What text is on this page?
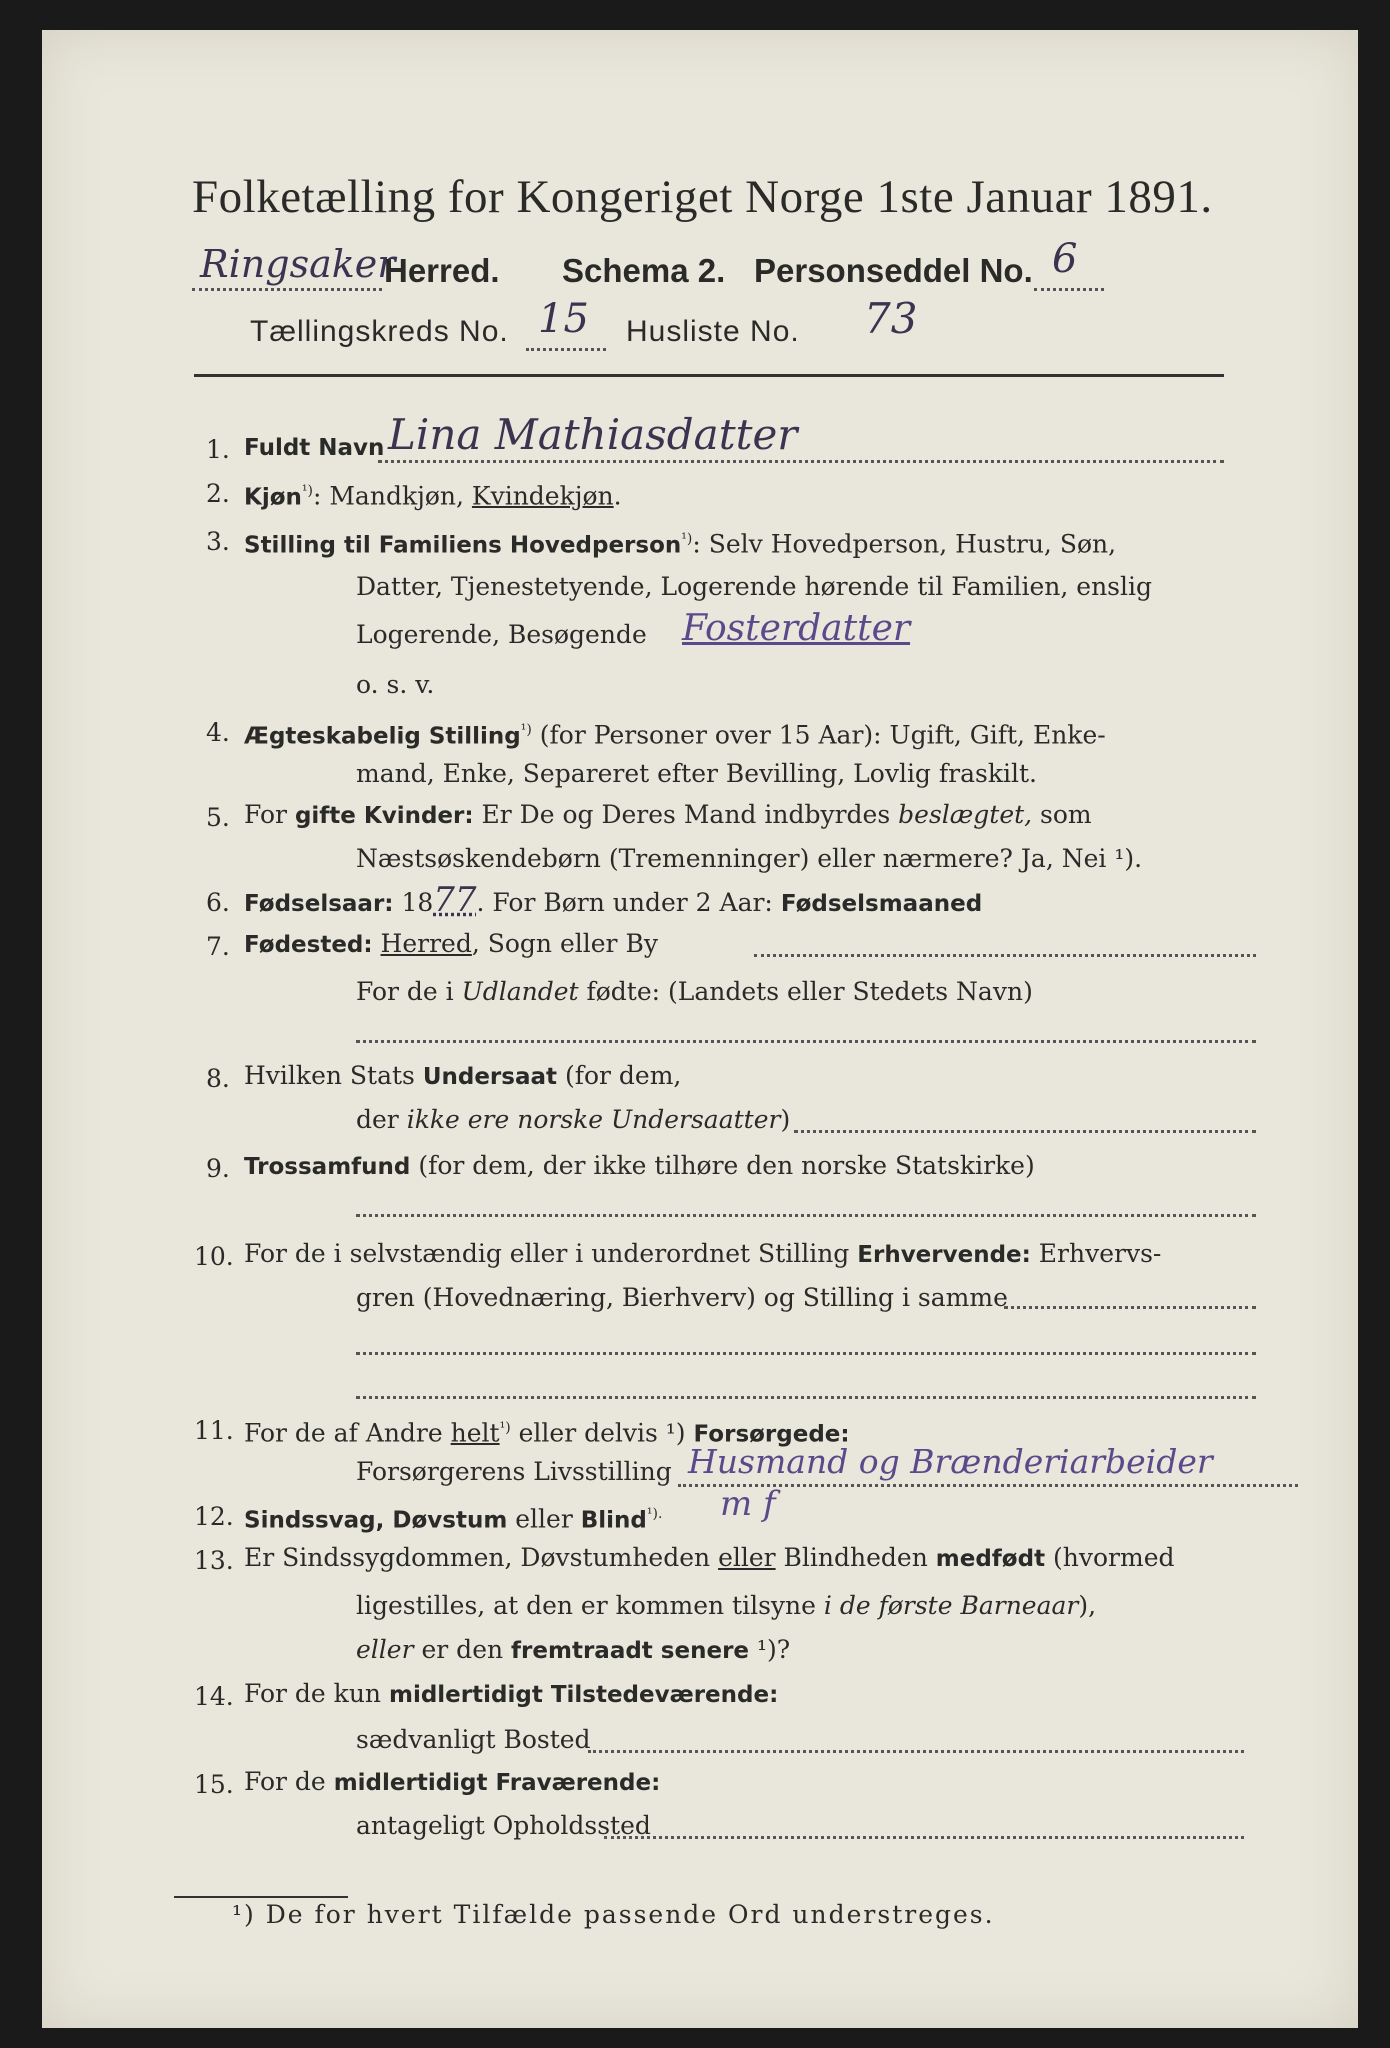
Folketælling for Kongeriget Norge 1ste Januar 1891.
Ringsaker
Herred. Schema 2. Personseddel No. 6
Tællingskreds No. 15 Husliste No. 73
1. Fuldt Navn Lina Mathiasdatter
2. Kjøn$^{^1)}$: Mandkjøn, Kvindekjøn.
3. Stilling til Familiens Hovedperson$^{^1)}$: Selv Hovedperson, Hustru, Søn,
Datter, Tjenestetyende, Logerende hørende til Familien, enslig
Logerende, Besøgende Fosterdatter
o. s. v.
4. Ægteskabelig Stilling$^{^1)}$ (for Personer over 15 Aar): Ugift, Gift, Enke-
mand, Enke, Separeret efter Bevilling, Lovlig fraskilt.
5. For gifte Kvinder: Er De og Deres Mand indbyrdes beslægtet, som
Næstsøskendebørn (Tremenninger) eller nærmere? Ja, Nei ¹).
6. Fødselsaar: 1877. For Børn under 2 Aar: Fødselsmaaned
7. Fødested: Herred, Sogn eller By
For de i Udlandet fødte: (Landets eller Stedets Navn)
8. Hvilken Stats Undersaat (for dem,
der ikke ere norske Undersaatter)
9. Trossamfund (for dem, der ikke tilhøre den norske Statskirke)
10. For de i selvstændig eller i underordnet Stilling Erhvervende: Erhvervs-
gren (Hovednæring, Bierhverv) og Stilling i samme
11. For de af Andre helt$^{^1)}$ eller delvis ¹) Forsørgede:
Forsørgerens Livsstilling Husmand og Brænderiarbeider
12. Sindssvag, Døvstum eller Blind$^{^1).}$ m f
13. Er Sindssygdommen, Døvstumheden eller Blindheden medfødt (hvormed
ligestilles, at den er kommen tilsyne i de første Barneaar),
eller er den fremtraadt senere ¹)?
14. For de kun midlertidigt Tilstedeværende:
sædvanligt Bosted
15. For de midlertidigt Fraværende:
antageligt Opholdssted
¹) De for hvert Tilfælde passende Ord understreges.
